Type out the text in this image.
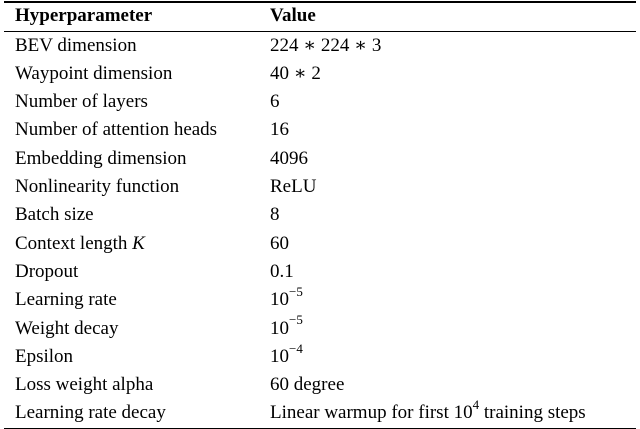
Hyperparameter	Value
BEV dimension	224 ∗ 224 ∗ 3
Waypoint dimension	40 ∗ 2
Number of layers	6
Number of attention heads	16
Embedding dimension	4096
Nonlinearity function	ReLU
Batch size	8
Context length K	60
Dropout	0.1
Learning rate	$10^{-5}$
Weight decay	$10^{-5}$
Epsilon	$10^{-4}$
Loss weight alpha	60 degree
Learning rate decay	Linear warmup for first $10^4$ training steps
